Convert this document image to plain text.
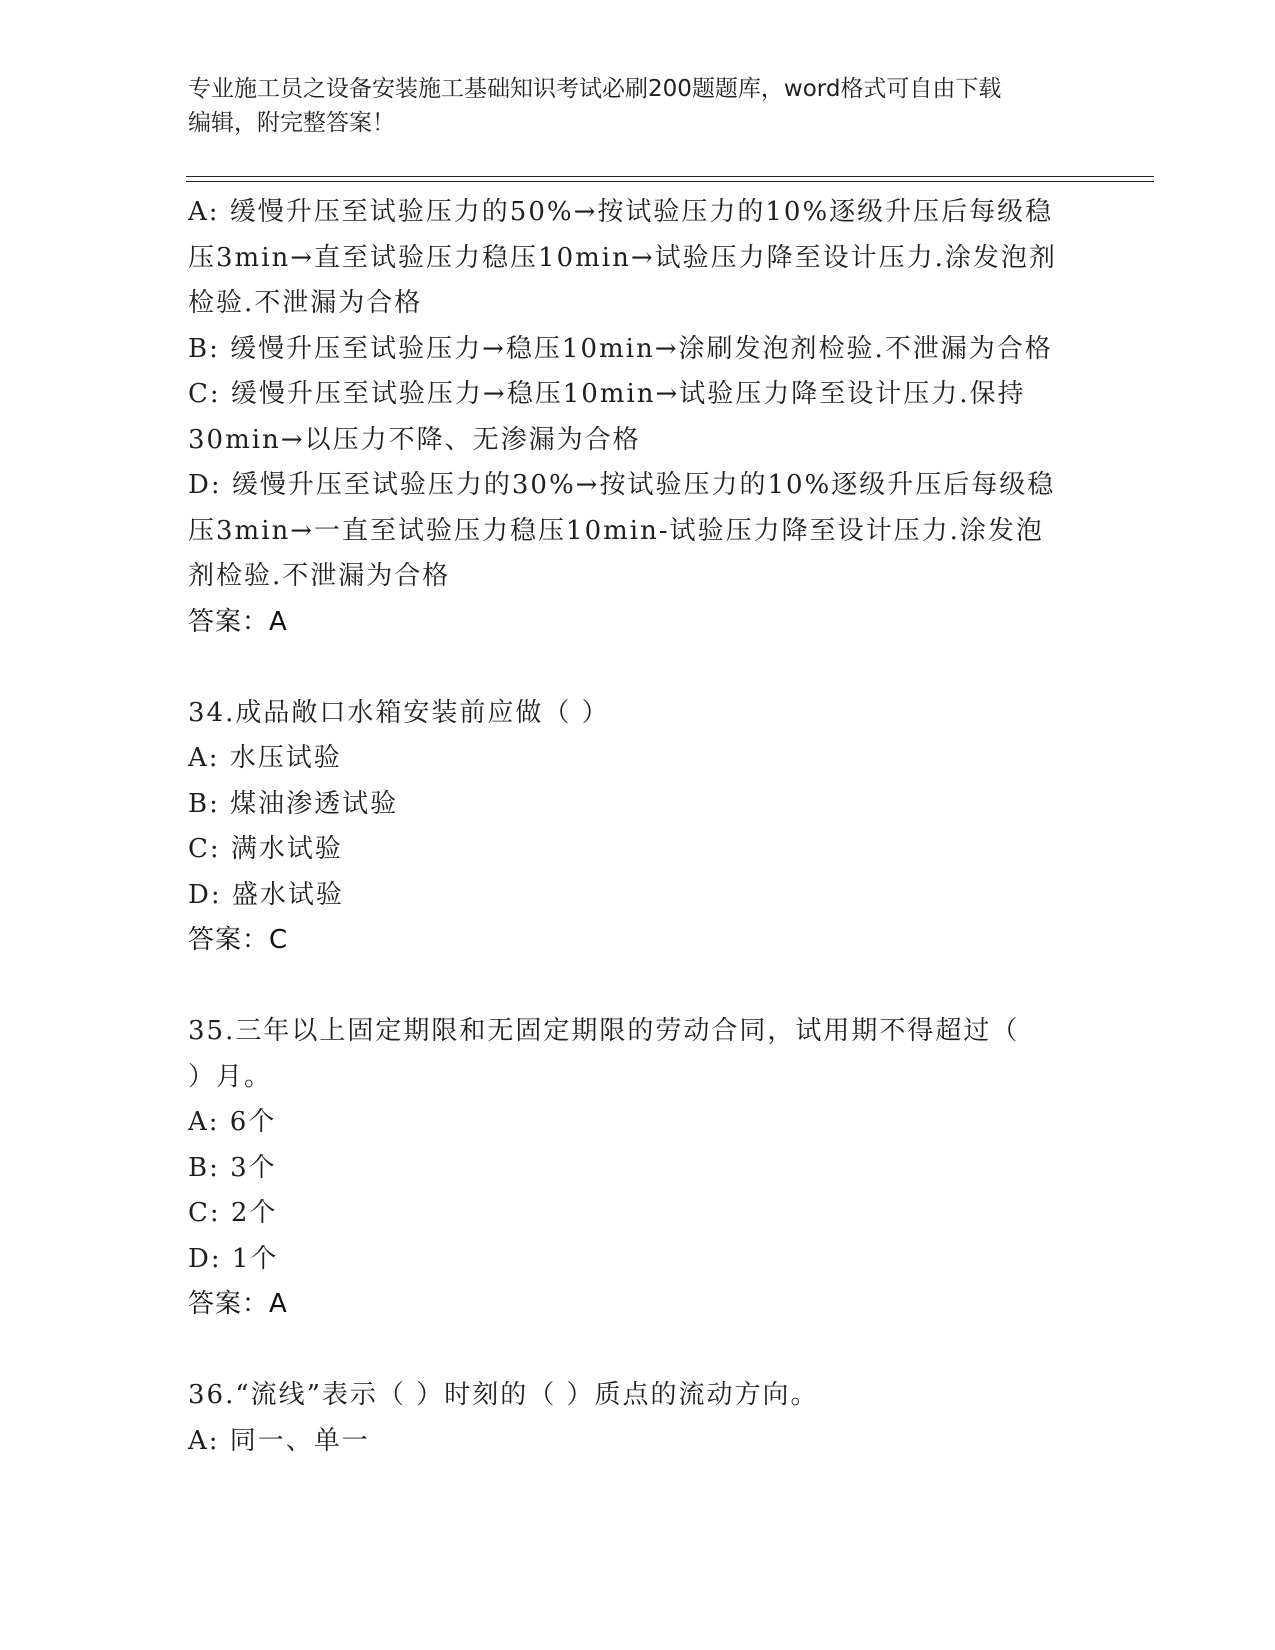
专业施工员之设备安装施工基础知识考试必刷200题题库，word格式可自由下载
编辑，附完整答案！
A: 缓慢升压至试验压力的50%→按试验压力的10%逐级升压后每级稳
压3min→直至试验压力稳压10min→试验压力降至设计压力.涂发泡剂
检验.不泄漏为合格
B: 缓慢升压至试验压力→稳压10min→涂刷发泡剂检验.不泄漏为合格
C: 缓慢升压至试验压力→稳压10min→试验压力降至设计压力.保持
30min→以压力不降、无渗漏为合格
D: 缓慢升压至试验压力的30%→按试验压力的10%逐级升压后每级稳
压3min→一直至试验压力稳压10min-试验压力降至设计压力.涂发泡
剂检验.不泄漏为合格
答案：A
34.成品敞口水箱安装前应做（ ）
A: 水压试验
B: 煤油渗透试验
C: 满水试验
D: 盛水试验
答案：C
35.三年以上固定期限和无固定期限的劳动合同，试用期不得超过（
）月。
A: 6个
B: 3个
C: 2个
D: 1个
答案：A
36.“流线”表示（ ）时刻的（ ）质点的流动方向。
A: 同一、单一
